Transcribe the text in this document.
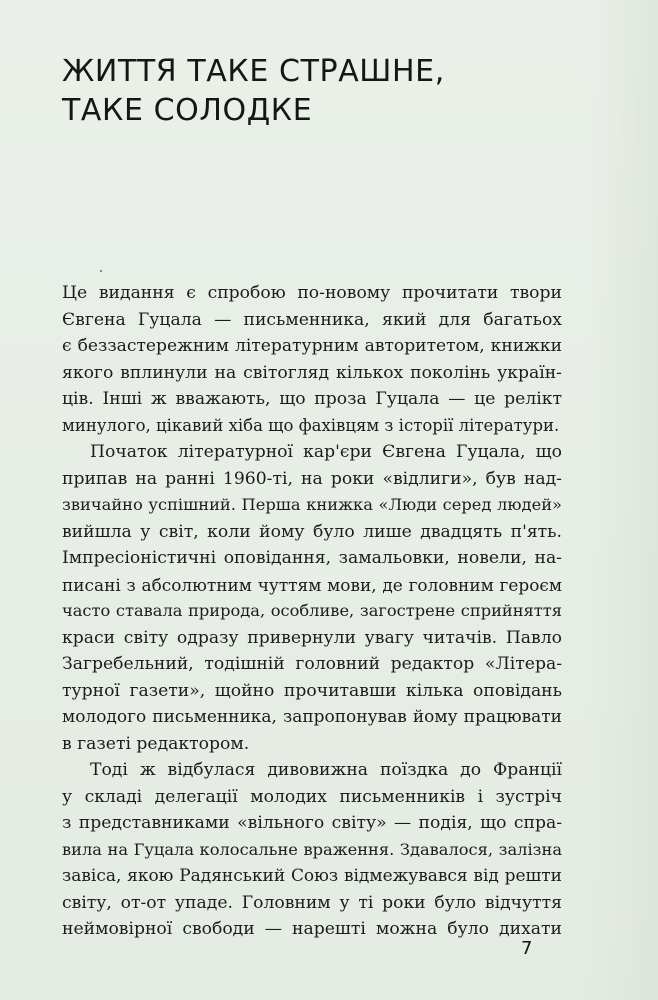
ЖИТТЯ ТАКЕ СТРАШНЕ,
ТАКЕ СОЛОДКЕ

Це видання є спробою по-новому прочитати твори
Євгена Гуцала — письменника, який для багатьох
є беззастережним літературним авторитетом, книжки
якого вплинули на світогляд кількох поколінь україн-
ців. Інші ж вважають, що проза Гуцала — це релікт
минулого, цікавий хіба що фахівцям з історії літератури.

Початок літературної кар'єри Євгена Гуцала, що
припав на ранні 1960-ті, на роки «відлиги», був над-
звичайно успішний. Перша книжка «Люди серед людей»
вийшла у світ, коли йому було лише двадцять п'ять.
Імпресіоністичні оповідання, замальовки, новели, на-
писані з абсолютним чуттям мови, де головним героєм
часто ставала природа, особливе, загострене сприйняття
краси світу одразу привернули увагу читачів. Павло
Загребельний, тодішній головний редактор «Літера-
турної газети», щойно прочитавши кілька оповідань
молодого письменника, запропонував йому працювати
в газеті редактором.

Тоді ж відбулася дивовижна поїздка до Франції
у складі делегації молодих письменників і зустріч
з представниками «вільного світу» — подія, що спра-
вила на Гуцала колосальне враження. Здавалося, залізна
завіса, якою Радянський Союз відмежувався від решти
світу, от-от упаде. Головним у ті роки було відчуття
неймовірної свободи — нарешті можна було дихати

7
